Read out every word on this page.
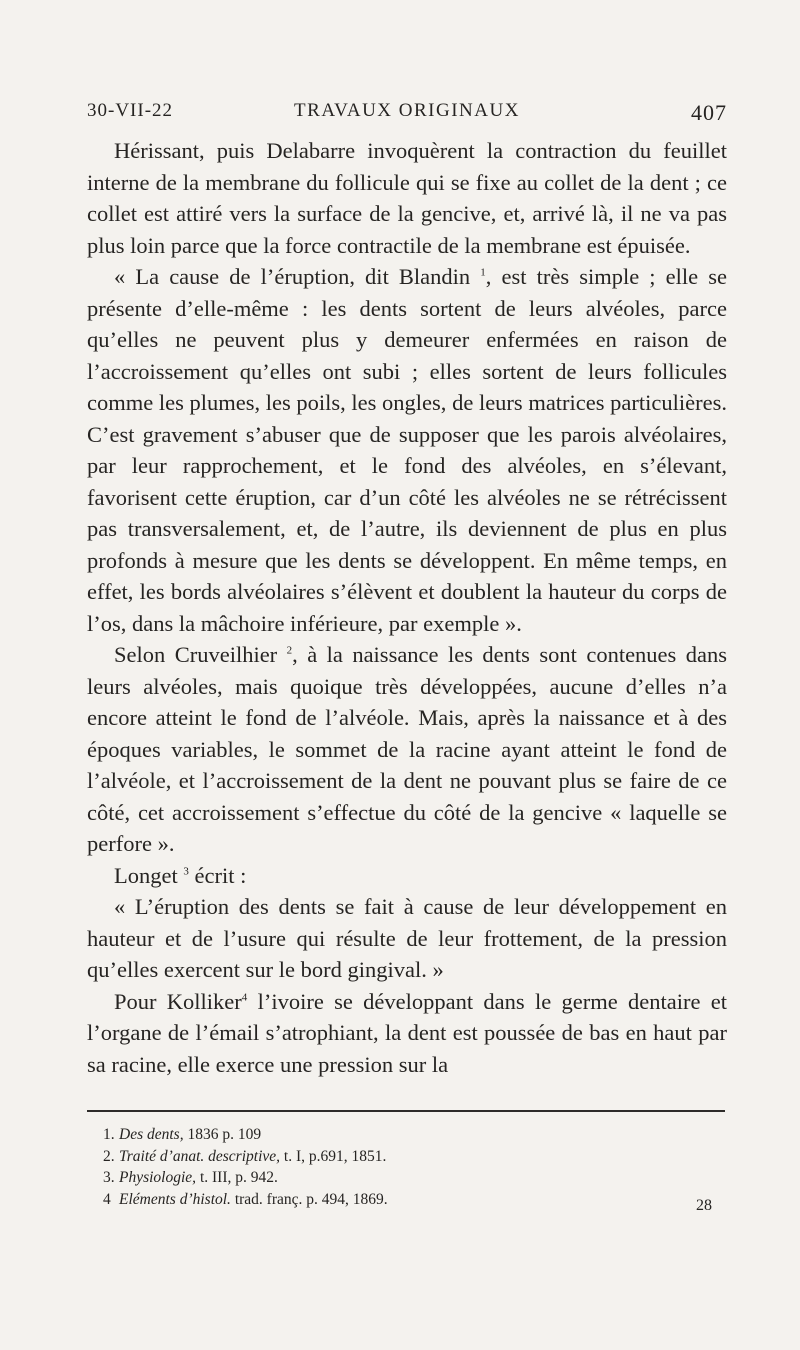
30-VII-22	TRAVAUX ORIGINAUX	407

Hérissant, puis Delabarre invoquèrent la contraction du feuillet interne de la membrane du follicule qui se fixe au collet de la dent ; ce collet est attiré vers la surface de la gencive, et, arrivé là, il ne va pas plus loin parce que la force contractile de la membrane est épuisée.

« La cause de l’éruption, dit Blandin $^1$, est très simple ; elle se présente d’elle-même : les dents sortent de leurs alvéoles, parce qu’elles ne peuvent plus y demeurer enfermées en raison de l’accroissement qu’elles ont subi ; elles sortent de leurs follicules comme les plumes, les poils, les ongles, de leurs matrices particulières. C’est gravement s’abuser que de supposer que les parois alvéolaires, par leur rapprochement, et le fond des alvéoles, en s’élevant, favorisent cette éruption, car d’un côté les alvéoles ne se rétrécissent pas transversalement, et, de l’autre, ils deviennent de plus en plus profonds à mesure que les dents se développent. En même temps, en effet, les bords alvéolaires s’élèvent et doublent la hauteur du corps de l’os, dans la mâchoire inférieure, par exemple ».

Selon Cruveilhier $^2$, à la naissance les dents sont contenues dans leurs alvéoles, mais quoique très développées, aucune d’elles n’a encore atteint le fond de l’alvéole. Mais, après la naissance et à des époques variables, le sommet de la racine ayant atteint le fond de l’alvéole, et l’accroissement de la dent ne pouvant plus se faire de ce côté, cet accroissement s’effectue du côté de la gencive « laquelle se perfore ».

Longet $^3$ écrit :

« L’éruption des dents se fait à cause de leur développement en hauteur et de l’usure qui résulte de leur frottement, de la pression qu’elles exercent sur le bord gingival. »

Pour Kolliker$^4$ l’ivoire se développant dans le germe dentaire et l’organe de l’émail s’atrophiant, la dent est poussée de bas en haut par sa racine, elle exerce une pression sur la

1. Des dents, 1836 p. 109
2. Traité d’anat. descriptive, t. I, p.691, 1851.
3. Physiologie, t. III, p. 942.
4 Eléments d’histol. trad. franç. p. 494, 1869.	28
